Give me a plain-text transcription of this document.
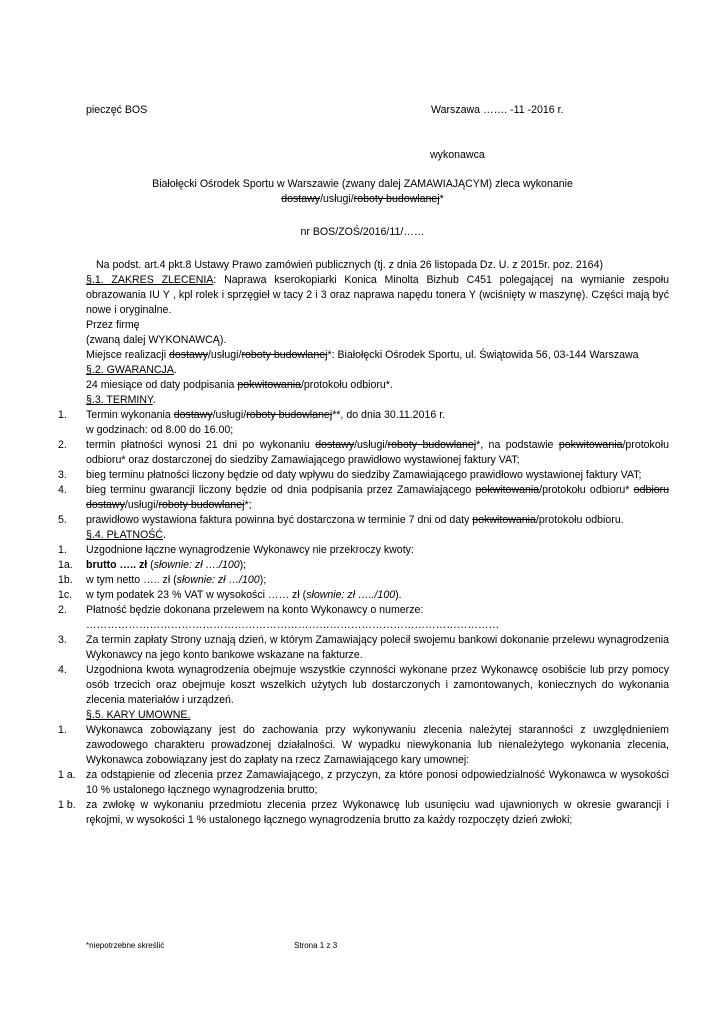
pieczęć BOS	Warszawa ……. -11 -2016 r.
wykonawca
Białołęcki Ośrodek Sportu w Warszawie (zwany dalej ZAMAWIAJĄCYM) zleca wykonanie
dostawy/usługi/roboty budowlanej*
nr BOS/ZOŚ/2016/11/……

Na podst. art.4 pkt.8 Ustawy Prawo zamówień publicznych (tj. z dnia 26 listopada Dz. U. z 2015r. poz. 2164)

§.1. ZAKRES ZLECENIA: Naprawa kserokopiarki Konica Minolta Bizhub C451 polegającej na wymianie zespołu obrazowania IU Y , kpl rolek i sprzęgieł w tacy 2 i 3 oraz naprawa napędu tonera Y (wciśnięty w maszynę). Części mają być nowe i oryginalne.

Przez firmę

(zwaną dalej WYKONAWCĄ).

Miejsce realizacji dostawy/usługi/roboty budowlanej*: Białołęcki Ośrodek Sportu, ul. Świątowida 56, 03-144 Warszawa

§.2. GWARANCJA.

24 miesiące od daty podpisania pokwitowania/protokołu odbioru*.

§.3. TERMINY.

1.	Termin wykonania dostawy/usługi/roboty budowlanej**, do dnia 30.11.2016 r.
w godzinach: od 8.00 do 16.00;
2.	termin płatności wynosi 21 dni po wykonaniu dostawy/usługi/roboty budowlanej*, na podstawie pokwitowania/protokołu odbioru* oraz dostarczonej do siedziby Zamawiającego prawidłowo wystawionej faktury VAT;
3.	bieg terminu płatności liczony będzie od daty wpływu do siedziby Zamawiającego prawidłowo wystawionej faktury VAT;
4.	bieg terminu gwarancji liczony będzie od dnia podpisania przez Zamawiającego pokwitowania/protokołu odbioru* odbioru dostawy/usługi/roboty budowlanej*;
5.	prawidłowo wystawiona faktura powinna być dostarczona w terminie 7 dni od daty pokwitowania/protokołu odbioru.

§.4. PŁATNOŚĆ.

1.	Uzgodnione łączne wynagrodzenie Wykonawcy nie przekroczy kwoty:
1a.	brutto ….. zł (słownie: zł …./100);
1b.	w tym netto ….. zł (słownie: zł …/100);
1c.	w tym podatek 23 % VAT w wysokości …… zł (słownie: zł …../100).
2.	Płatność będzie dokonana przelewem na konto Wykonawcy o numerze:

………………………………………………………………………………………………………

3.	Za termin zapłaty Strony uznają dzień, w którym Zamawiający polecił swojemu bankowi dokonanie przelewu wynagrodzenia Wykonawcy na jego konto bankowe wskazane na fakturze.
4.	Uzgodniona kwota wynagrodzenia obejmuje wszystkie czynności wykonane przez Wykonawcę osobiście lub przy pomocy osób trzecich oraz obejmuje koszt wszelkich użytych lub dostarczonych i zamontowanych, koniecznych do wykonania zlecenia materiałów i urządzeń.

§.5. KARY UMOWNE.

1.	Wykonawca zobowiązany jest do zachowania przy wykonywaniu zlecenia należytej staranności z uwzględnieniem zawodowego charakteru prowadzonej działalności. W wypadku niewykonania lub nienależytego wykonania zlecenia, Wykonawca zobowiązany jest do zapłaty na rzecz Zamawiającego kary umownej:
1 a. za odstąpienie od zlecenia przez Zamawiającego, z przyczyn, za które ponosi odpowiedzialność Wykonawca w wysokości 10 % ustalonego łącznego wynagrodzenia brutto;
1 b. za zwłokę w wykonaniu przedmiotu zlecenia przez Wykonawcę lub usunięciu wad ujawnionych w okresie gwarancji i rękojmi, w wysokości 1 % ustalonego łącznego wynagrodzenia brutto za każdy rozpoczęty dzień zwłoki;
*niepotrzebne skreślić	Strona 1 z 3
